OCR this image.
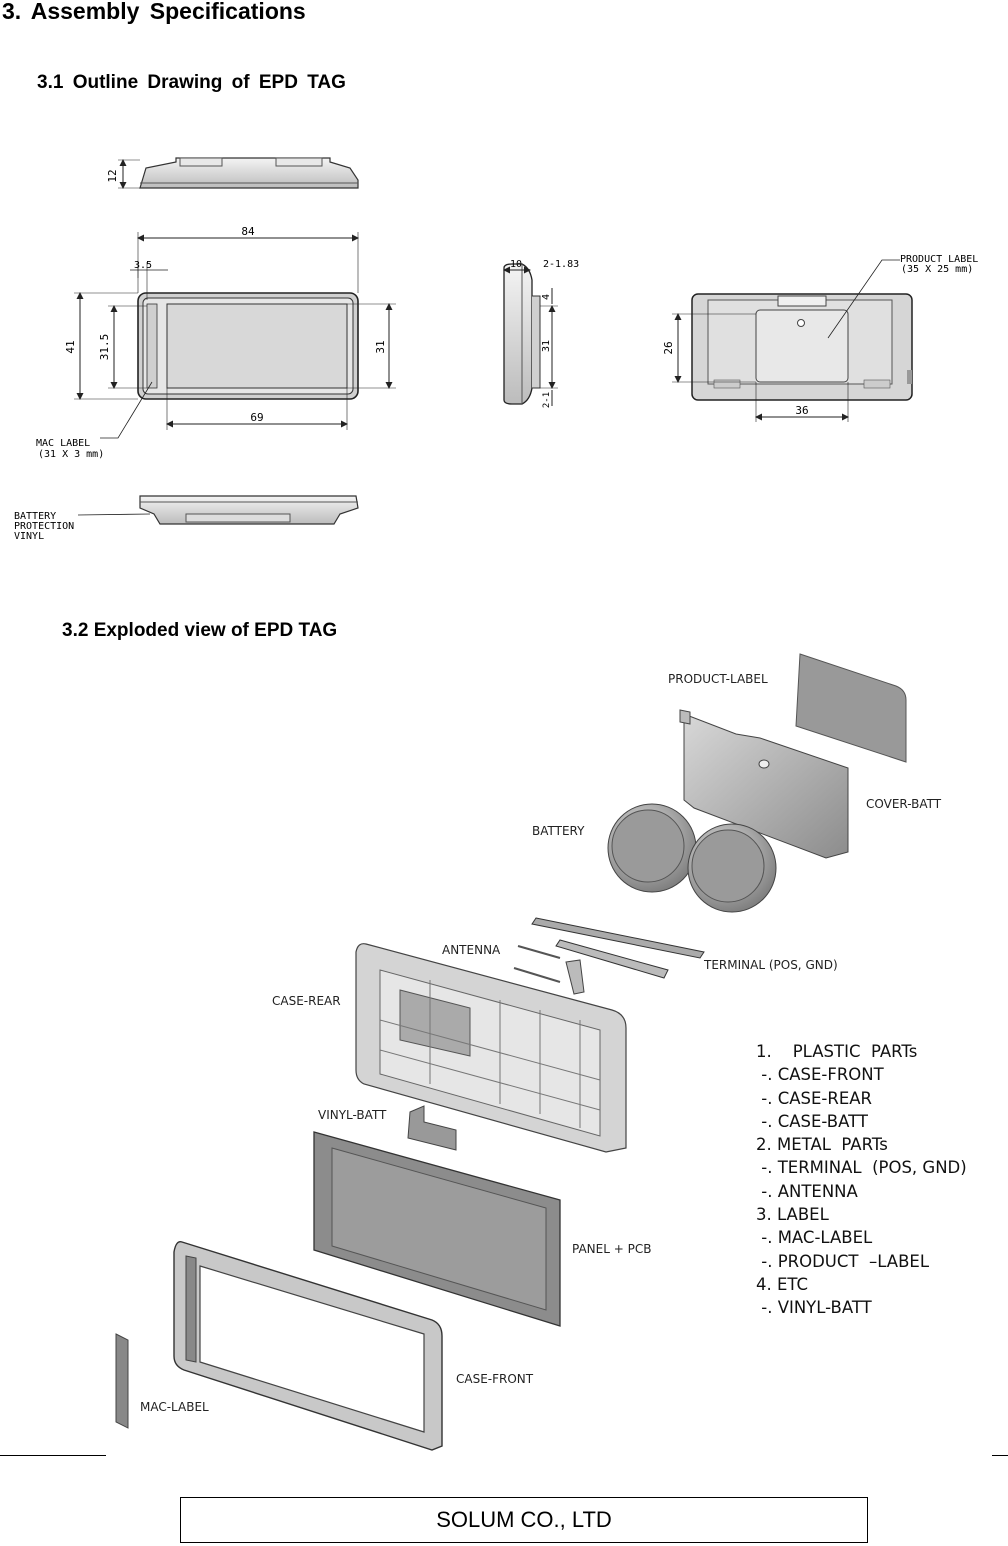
3. Assembly Specifications
3.1 Outline Drawing of EPD TAG
12
84
3.5
41 31.5	31
69
MAC LABEL
(31 X 3 mm)
10 2-1.83
4
31
2-1
26
36
PRODUCT LABEL
(35 X 25 mm)
BATTERY
PROTECTION
VINYL
3.2 Exploded view of EPD TAG
PRODUCT-LABEL
COVER-BATT
BATTERY
ANTENNA
TERMINAL (POS, GND)
CASE-REAR
VINYL-BATT
PANEL + PCB
CASE-FRONT
MAC-LABEL
1.    PLASTIC  PARTs
-. CASE-FRONT
-. CASE-REAR
-. CASE-BATT
2. METAL  PARTs
-. TERMINAL  (POS, GND)
-. ANTENNA
3. LABEL
-. MAC-LABEL
-. PRODUCT  –LABEL
4. ETC
-. VINYL-BATT
SOLUM CO., LTD
